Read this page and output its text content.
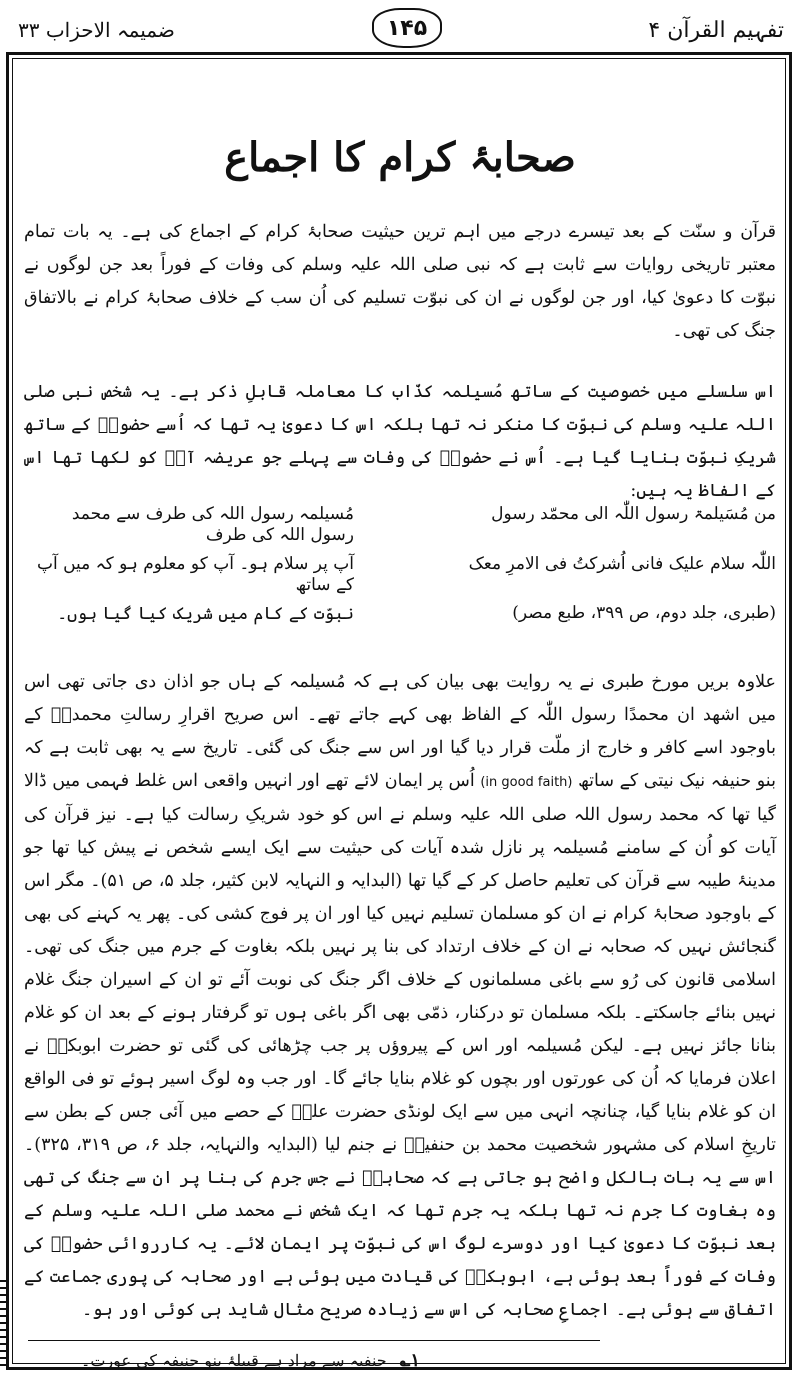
تفہیم القرآن ۴
۱۴۵
ضمیمہ الاحزاب ۳۳
صحابۂ کرام کا اجماع

قرآن و سنّت کے بعد تیسرے درجے میں اہم ترین حیثیت صحابۂ کرام کے اجماع کی ہے۔ یہ بات تمام معتبر تاریخی روایات سے ثابت ہے کہ نبی صلی اللہ علیہ وسلم کی وفات کے فوراً بعد جن لوگوں نے نبوّت کا دعویٰ کیا، اور جن لوگوں نے ان کی نبوّت تسلیم کی اُن سب کے خلاف صحابۂ کرام نے بالاتفاق جنگ کی تھی۔

اس سلسلے میں خصوصیت کے ساتھ مُسیلمہ کذّاب کا معاملہ قابلِ ذکر ہے۔ یہ شخص نبی صلی اللہ علیہ وسلم کی نبوّت کا منکر نہ تھا بلکہ اس کا دعویٰ یہ تھا کہ اُسے حضورؐ کے ساتھ شریکِ نبوّت بنایا گیا ہے۔ اُس نے حضورؐ کی وفات سے پہلے جو عریضہ آپؐ کو لکھا تھا اس کے الفاظ یہ ہیں:

من مُسَیلمۃ رسول اللّٰہ الی محمّد رسول
مُسیلمہ رسول اللہ کی طرف سے محمد رسول اللہ کی طرف
اللّٰہ سلام علیک فانی اُشرکتُ فی الامرِ معک
آپ پر سلام ہو۔ آپ کو معلوم ہو کہ میں آپ کے ساتھ
(طبری، جلد دوم، ص ۳۹۹، طبع مصر)
نبوّت کے کام میں شریک کیا گیا ہوں۔

علاوہ بریں مورخ طبری نے یہ روایت بھی بیان کی ہے کہ مُسیلمہ کے ہاں جو اذان دی جاتی تھی اس میں اشھد ان محمدًا رسول اللّٰہ کے الفاظ بھی کہے جاتے تھے۔ اس صریح اقرارِ رسالتِ محمدیؐ کے باوجود اسے کافر و خارج از ملّت قرار دیا گیا اور اس سے جنگ کی گئی۔ تاریخ سے یہ بھی ثابت ہے کہ بنو حنیفہ نیک نیتی کے ساتھ (in good faith) اُس پر ایمان لائے تھے اور انہیں واقعی اس غلط فہمی میں ڈالا گیا تھا کہ محمد رسول اللہ صلی اللہ علیہ وسلم نے اس کو خود شریکِ رسالت کیا ہے۔ نیز قرآن کی آیات کو اُن کے سامنے مُسیلمہ پر نازل شدہ آیات کی حیثیت سے ایک ایسے شخص نے پیش کیا تھا جو مدینۂ طیبہ سے قرآن کی تعلیم حاصل کر کے گیا تھا (البدایہ و النہایہ لابن کثیر، جلد ۵، ص ۵۱)۔ مگر اس کے باوجود صحابۂ کرام نے ان کو مسلمان تسلیم نہیں کیا اور ان پر فوج کشی کی۔ پھر یہ کہنے کی بھی گنجائش نہیں کہ صحابہ نے ان کے خلاف ارتداد کی بنا پر نہیں بلکہ بغاوت کے جرم میں جنگ کی تھی۔ اسلامی قانون کی رُو سے باغی مسلمانوں کے خلاف اگر جنگ کی نوبت آئے تو ان کے اسیران جنگ غلام نہیں بنائے جاسکتے۔ بلکہ مسلمان تو درکنار، ذمّی بھی اگر باغی ہوں تو گرفتار ہونے کے بعد ان کو غلام بنانا جائز نہیں ہے۔ لیکن مُسیلمہ اور اس کے پیروؤں پر جب چڑھائی کی گئی تو حضرت ابوبکرؓ نے اعلان فرمایا کہ اُن کی عورتوں اور بچوں کو غلام بنایا جائے گا۔ اور جب وہ لوگ اسیر ہوئے تو فی الواقع ان کو غلام بنایا گیا، چنانچہ انہی میں سے ایک لونڈی حضرت علیؓ کے حصے میں آئی جس کے بطن سے تاریخِ اسلام کی مشہور شخصیت محمد بن حنفیہؒ نے جنم لیا (البدایہ والنہایہ، جلد ۶، ص ۳۱۹، ۳۲۵)۔ اس سے یہ بات بالکل واضح ہو جاتی ہے کہ صحابہؓ نے جس جرم کی بنا پر ان سے جنگ کی تھی وہ بغاوت کا جرم نہ تھا بلکہ یہ جرم تھا کہ ایک شخص نے محمد صلی اللہ علیہ وسلم کے بعد نبوّت کا دعویٰ کیا اور دوسرے لوگ اس کی نبوّت پر ایمان لائے۔ یہ کارروائی حضورؐ کی وفات کے فوراً بعد ہوئی ہے، ابوبکرؓ کی قیادت میں ہوئی ہے اور صحابہ کی پوری جماعت کے اتفاق سے ہوئی ہے۔ اجماعِ صحابہ کی اس سے زیادہ صریح مثال شاید ہی کوئی اور ہو۔

۱؎ حنفیہ سے مراد ہے قبیلۂ بنو حنیفہ کی عورت۔
